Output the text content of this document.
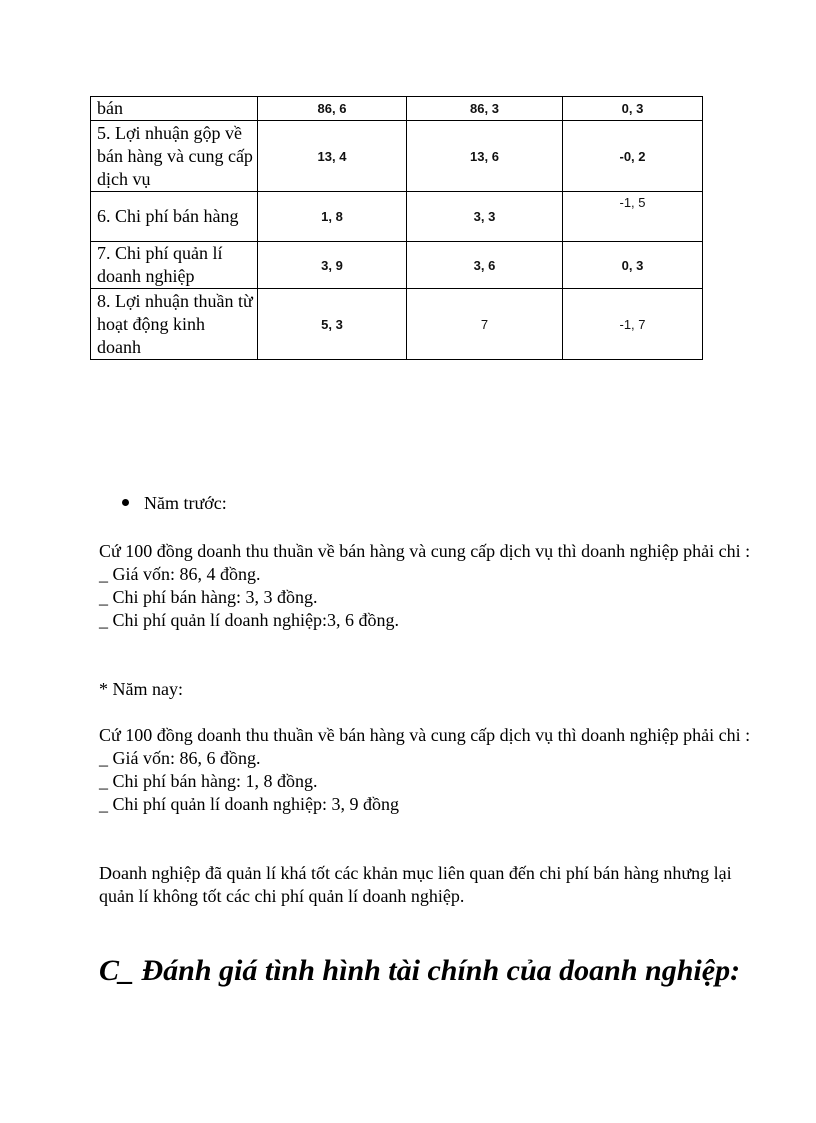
bán	86, 6	86, 3	0, 3
5. Lợi nhuận gộp về bán hàng và cung cấp dịch vụ	13, 4	13, 6	-0, 2
6. Chi phí bán hàng	1, 8	3, 3	-1, 5
7. Chi phí quản lí doanh nghiệp	3, 9	3, 6	0, 3
8. Lợi nhuận thuần từ hoạt động kinh doanh	5, 3	7	-1, 7
Năm trước:

Cứ 100 đồng doanh thu thuần về bán hàng và cung cấp dịch vụ thì doanh nghiệp phải chi :

_ Giá vốn: 86, 4 đồng.

_ Chi phí bán hàng: 3, 3 đồng.

_ Chi phí quản lí doanh nghiệp:3, 6 đồng.

* Năm nay:

Cứ 100 đồng doanh thu thuần về bán hàng và cung cấp dịch vụ thì doanh nghiệp phải chi :

_ Giá vốn: 86, 6 đồng.

_ Chi phí bán hàng: 1, 8 đồng.

_ Chi phí quản lí doanh nghiệp: 3, 9 đồng

Doanh nghiệp đã quản lí khá tốt các khản mục liên quan đến chi phí bán hàng nhưng lại quản lí không tốt các chi phí quản lí doanh nghiệp.
C_ Đánh giá tình hình tài chính của doanh nghiệp:
